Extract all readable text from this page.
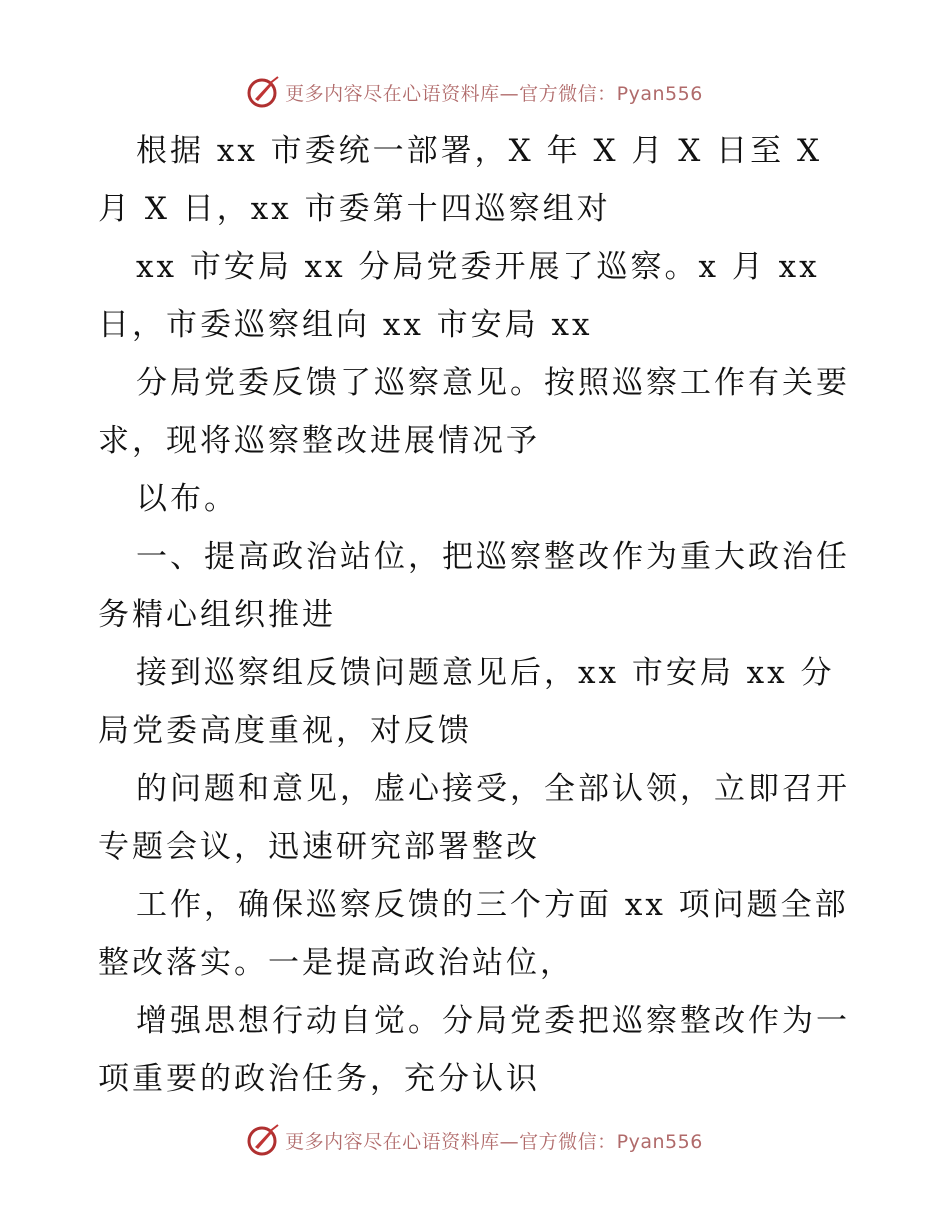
更多内容尽在心语资料库—官方微信：Pyan556
根据 xx 市委统一部署，X 年 X 月 X 日至 X
月 X 日，xx 市委第十四巡察组对
xx 市安局 xx 分局党委开展了巡察。x 月 xx
日，市委巡察组向 xx 市安局 xx
分局党委反馈了巡察意见。按照巡察工作有关要
求，现将巡察整改进展情况予
以布。
一、提高政治站位，把巡察整改作为重大政治任
务精心组织推进
接到巡察组反馈问题意见后，xx 市安局 xx 分
局党委高度重视，对反馈
的问题和意见，虚心接受，全部认领，立即召开
专题会议，迅速研究部署整改
工作，确保巡察反馈的三个方面 xx 项问题全部
整改落实。一是提高政治站位，
增强思想行动自觉。分局党委把巡察整改作为一
项重要的政治任务，充分认识
更多内容尽在心语资料库—官方微信：Pyan556
